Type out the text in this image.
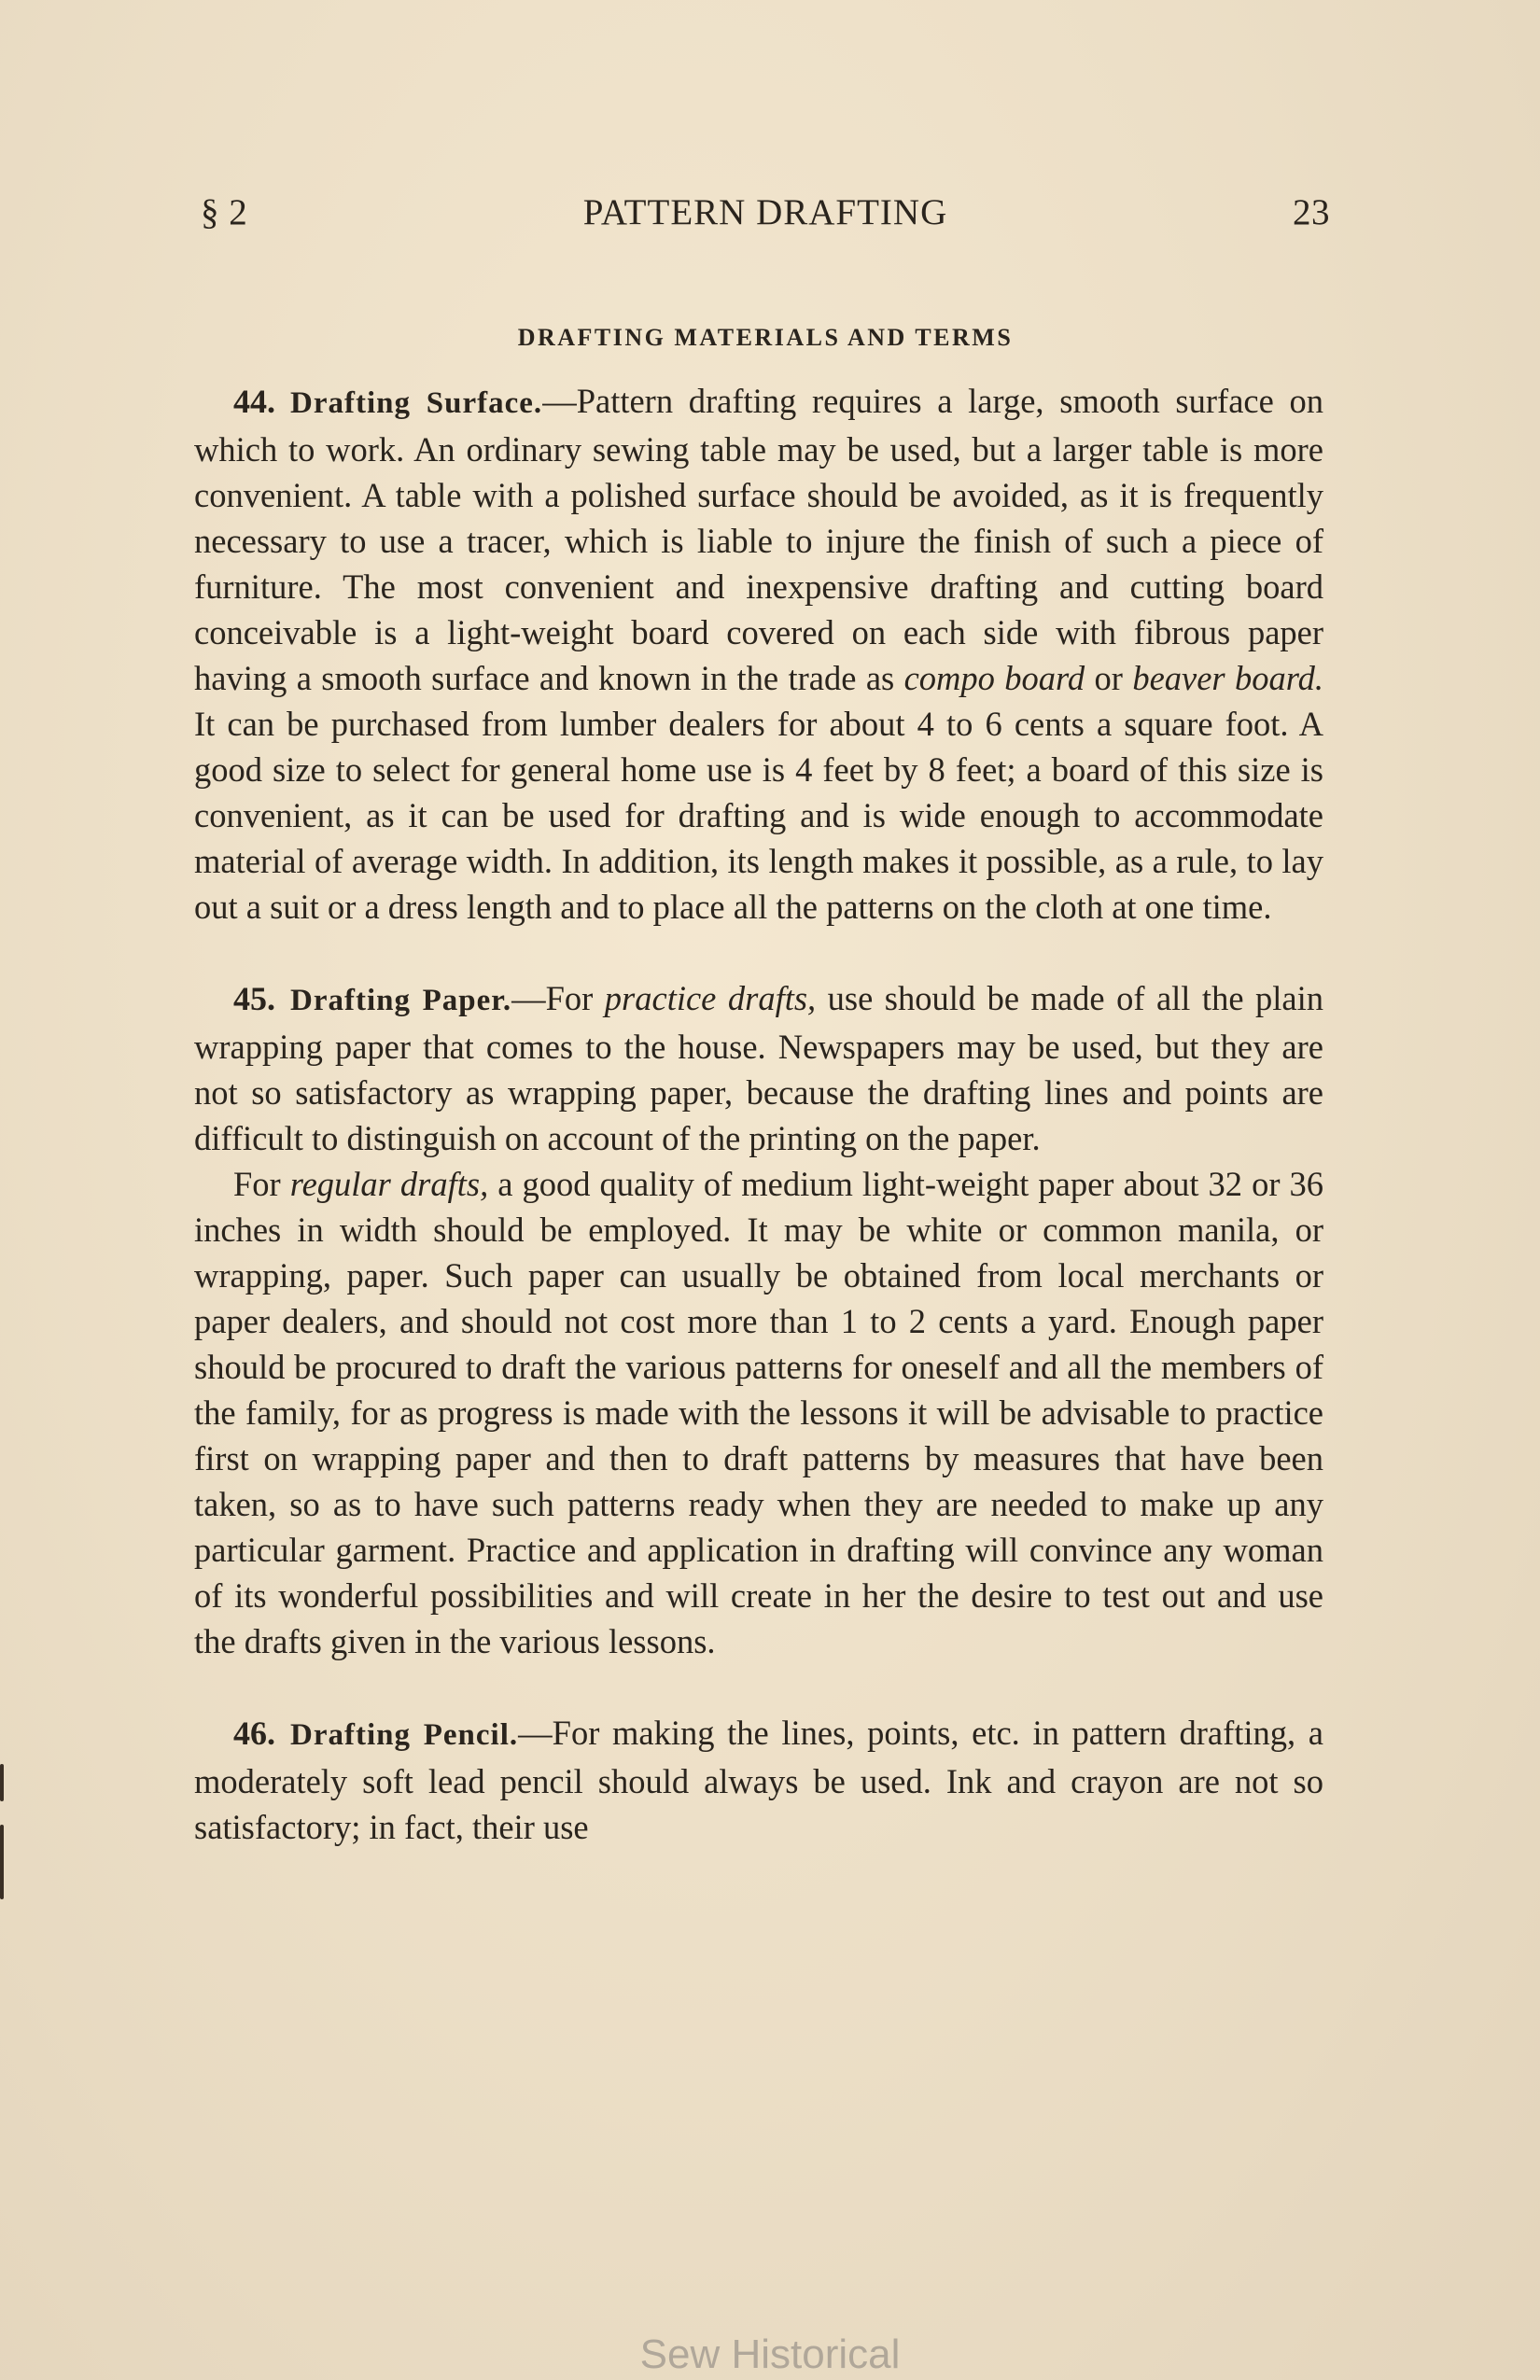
§ 2	PATTERN DRAFTING	23
DRAFTING MATERIALS AND TERMS

44. Drafting Surface.—Pattern drafting requires a large, smooth surface on which to work. An ordinary sewing table may be used, but a larger table is more convenient. A table with a polished surface should be avoided, as it is frequently necessary to use a tracer, which is liable to injure the finish of such a piece of furniture. The most convenient and inexpensive drafting and cutting board conceivable is a light-weight board covered on each side with fibrous paper having a smooth surface and known in the trade as compo board or beaver board. It can be purchased from lumber dealers for about 4 to 6 cents a square foot. A good size to select for general home use is 4 feet by 8 feet; a board of this size is convenient, as it can be used for drafting and is wide enough to accommodate material of average width. In addition, its length makes it possible, as a rule, to lay out a suit or a dress length and to place all the patterns on the cloth at one time.

45. Drafting Paper.—For practice drafts, use should be made of all the plain wrapping paper that comes to the house. Newspapers may be used, but they are not so satisfactory as wrapping paper, because the drafting lines and points are difficult to distinguish on account of the printing on the paper.

For regular drafts, a good quality of medium light-weight paper about 32 or 36 inches in width should be employed. It may be white or common manila, or wrapping, paper. Such paper can usually be obtained from local merchants or paper dealers, and should not cost more than 1 to 2 cents a yard. Enough paper should be procured to draft the various patterns for oneself and all the members of the family, for as progress is made with the lessons it will be advisable to practice first on wrapping paper and then to draft patterns by measures that have been taken, so as to have such patterns ready when they are needed to make up any particular garment. Practice and application in drafting will convince any woman of its wonderful possibilities and will create in her the desire to test out and use the drafts given in the various lessons.

46. Drafting Pencil.—For making the lines, points, etc. in pattern drafting, a moderately soft lead pencil should always be used. Ink and crayon are not so satisfactory; in fact, their use

Sew Historical
